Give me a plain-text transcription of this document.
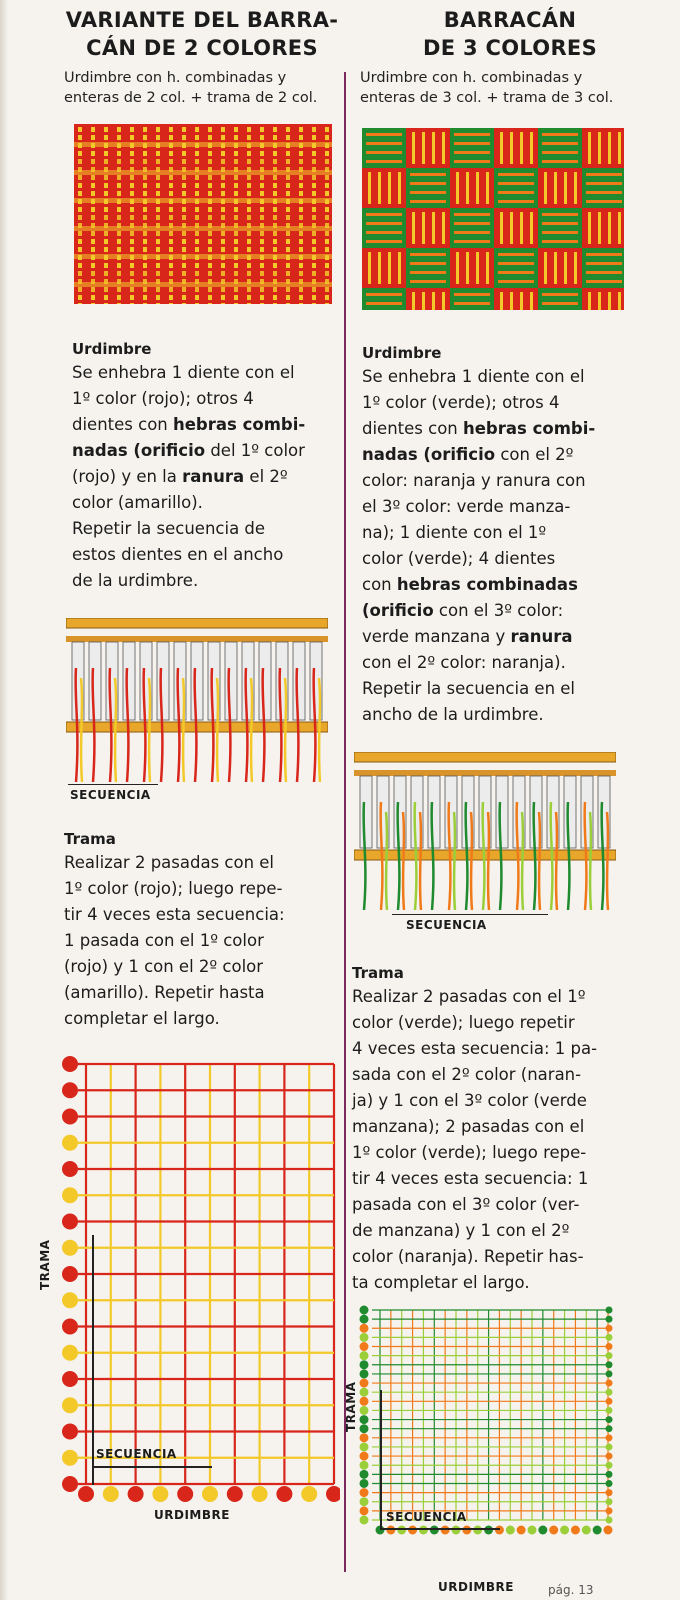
VARIANTE DEL BARRA-
CÁN DE 2 COLORES
Urdimbre con h. combinadas y
enteras de 2 col. + trama de 2 col.
Urdimbre
Se enhebra 1 diente con el
1º color (rojo); otros 4
dientes con hebras combi-
nadas (orificio del 1º color
(rojo) y en la ranura el 2º
color (amarillo).
Repetir la secuencia de
estos dientes en el ancho
de la urdimbre.
SECUENCIA
Trama
Realizar 2 pasadas con el
1º color (rojo); luego repe-
tir 4 veces esta secuencia:
1 pasada con el 1º color
(rojo) y 1 con el 2º color
(amarillo). Repetir hasta
completar el largo.
SECUENCIA
URDIMBRE
TRAMA
BARRACÁN
DE 3 COLORES
Urdimbre con h. combinadas y
enteras de 3 col. + trama de 3 col.
Urdimbre
Se enhebra 1 diente con el
1º color (verde); otros 4
dientes con hebras combi-
nadas (orificio con el 2º
color: naranja y ranura con
el 3º color: verde manza-
na); 1 diente con el 1º
color (verde); 4 dientes
con hebras combinadas
(orificio con el 3º color:
verde manzana y ranura
con el 2º color: naranja).
Repetir la secuencia en el
ancho de la urdimbre.
SECUENCIA
Trama
Realizar 2 pasadas con el 1º
color (verde); luego repetir
4 veces esta secuencia: 1 pa-
sada con el 2º color (naran-
ja) y 1 con el 3º color (verde
manzana); 2 pasadas con el
1º color (verde); luego repe-
tir 4 veces esta secuencia: 1
pasada con el 3º color (ver-
de manzana) y 1 con el 2º
color (naranja). Repetir has-
ta completar el largo.
SECUENCIA
URDIMBRE
TRAMA
pág. 13
